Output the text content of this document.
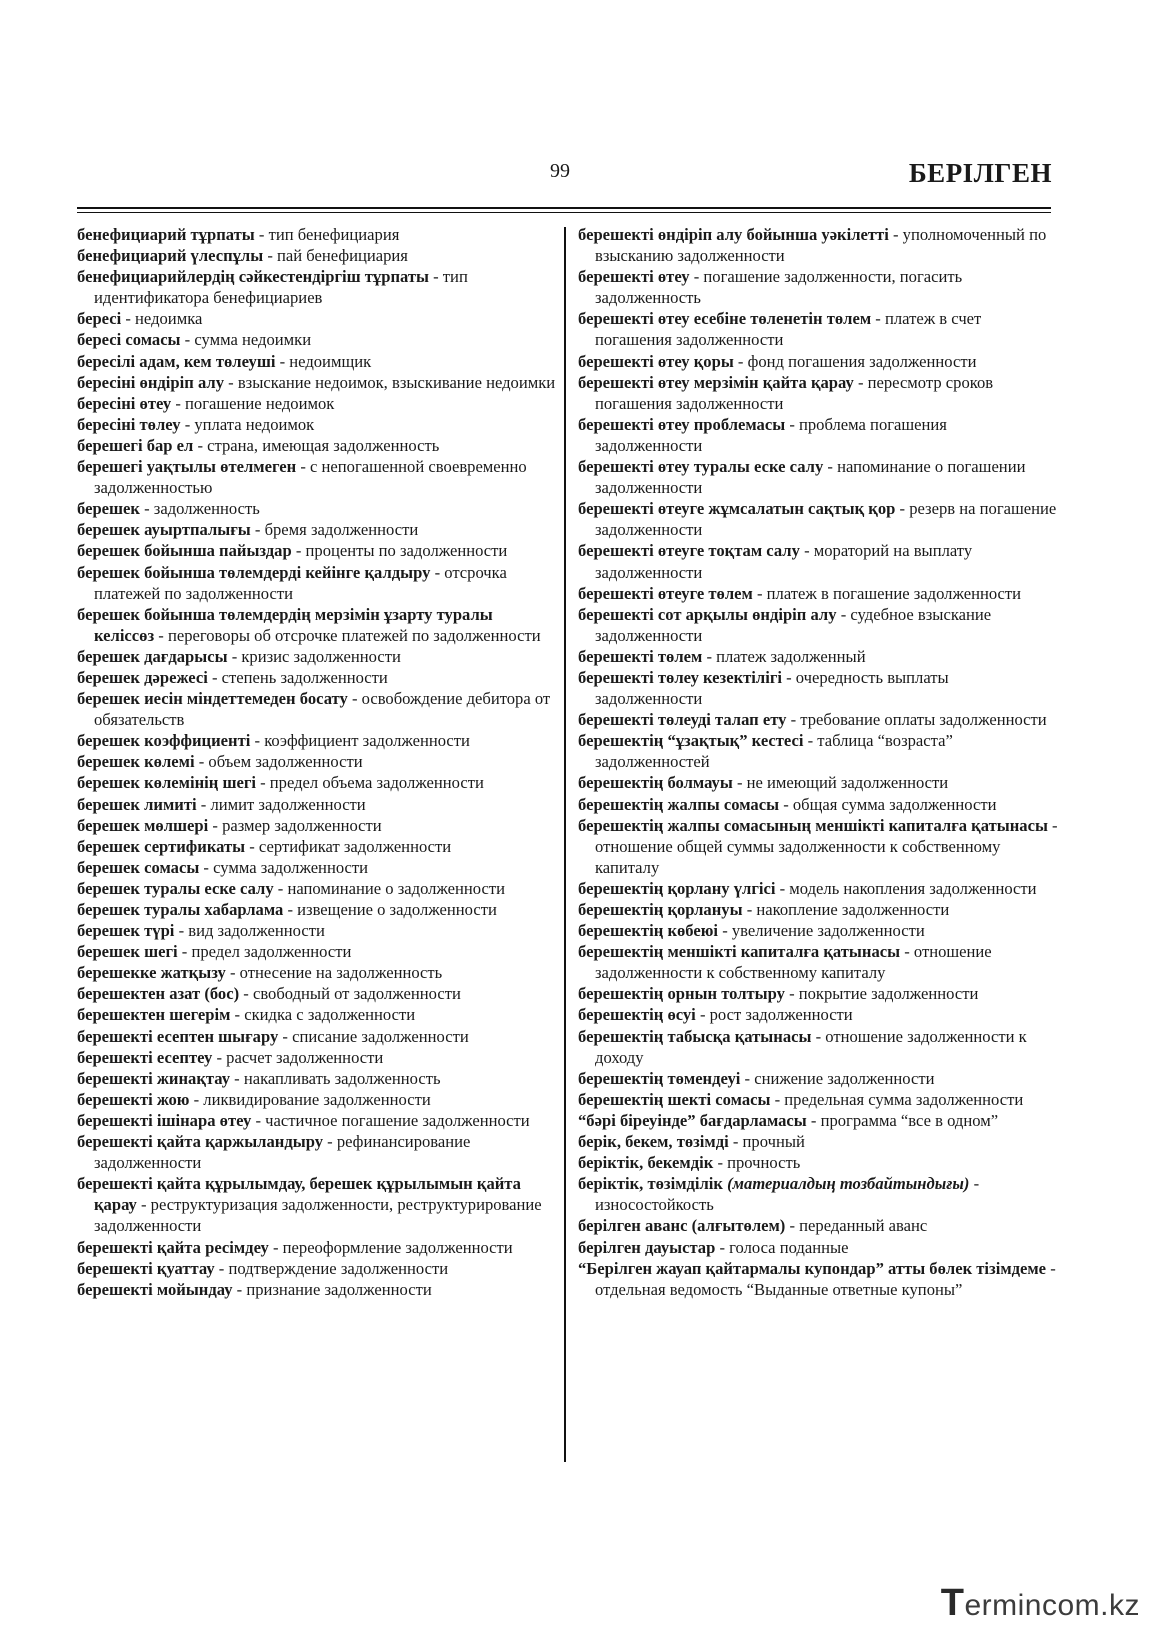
99	БЕРІЛГЕН

бенефициарий тұрпаты - тип бенефициария

бенефициарий үлеспұлы - пай бенефициария

бенефициарийлердің сәйкестендіргіш тұрпаты - тип идентификатора бенефициариев

бересі - недоимка

бересі сомасы - сумма недоимки

бересілі адам, кем төлеуші - недоимщик

бересіні өндіріп алу - взыскание недоимок, взыскивание недоимки

бересіні өтеу - погашение недоимок

бересіні төлеу - уплата недоимок

берешегі бар ел - страна, имеющая задолженность

берешегі уақтылы өтелмеген - с непогашенной своевременно задолженностью

берешек - задолженность

берешек ауыртпалығы - бремя задолженности

берешек бойынша пайыздар - проценты по задолженности

берешек бойынша төлемдерді кейінге қалдыру - отсрочка платежей по задолженности

берешек бойынша төлемдердің мерзімін ұзарту туралы келіссөз - переговоры об отсрочке платежей по задолженности

берешек дағдарысы - кризис задолженности

берешек дәрежесі - степень задолженности

берешек иесін міндеттемеден босату - освобождение дебитора от обязательств

берешек коэффициенті - коэффициент задолженности

берешек көлемі - объем задолженности

берешек көлемінің шегі - предел объема задолженности

берешек лимиті - лимит задолженности

берешек мөлшері - размер задолженности

берешек сертификаты - сертификат задолженности

берешек сомасы - сумма задолженности

берешек туралы еске салу - напоминание о задолженности

берешек туралы хабарлама - извещение о задолженности

берешек түрі - вид задолженности

берешек шегі - предел задолженности

берешекке жатқызу - отнесение на задолженность

берешектен азат (бос) - свободный от задолженности

берешектен шегерім - скидка с задолженности

берешекті есептен шығару - списание задолженности

берешекті есептеу - расчет задолженности

берешекті жинақтау - накапливать задолженность

берешекті жою - ликвидирование задолженности

берешекті ішінара өтеу - частичное погашение задолженности

берешекті қайта қаржыландыру - рефинансирование задолженности

берешекті қайта құрылымдау, берешек құрылымын қайта қарау - реструктуризация задолженности, реструктурирование задолженности

берешекті қайта ресімдеу - переоформление задолженности

берешекті қуаттау - подтверждение задолженности

берешекті мойындау - признание задолженности

берешекті өндіріп алу бойынша уәкілетті - уполномоченный по взысканию задолженности

берешекті өтеу - погашение задолженности, погасить задолженность

берешекті өтеу есебіне төленетін төлем - платеж в счет погашения задолженности

берешекті өтеу қоры - фонд погашения задолженности

берешекті өтеу мерзімін қайта қарау - пересмотр сроков погашения задолженности

берешекті өтеу проблемасы - проблема погашения задолженности

берешекті өтеу туралы еске салу - напоминание о погашении задолженности

берешекті өтеуге жұмсалатын сақтық қор - резерв на погашение задолженности

берешекті өтеуге тоқтам салу - мораторий на выплату задолженности

берешекті өтеуге төлем - платеж в погашение задолженности

берешекті сот арқылы өндіріп алу - судебное взыскание задолженности

берешекті төлем - платеж задолженный

берешекті төлеу кезектілігі - очередность выплаты задолженности

берешекті төлеуді талап ету - требование оплаты задолженности

берешектің “ұзақтық” кестесі - таблица “возраста” задолженностей

берешектің болмауы - не имеющий задолженности

берешектің жалпы сомасы - общая сумма задолженности

берешектің жалпы сомасының меншікті капиталға қатынасы - отношение общей суммы задолженности к собственному капиталу

берешектің қорлану үлгісі - модель накопления задолженности

берешектің қорлануы - накопление задолженности

берешектің көбеюі - увеличение задолженности

берешектің меншікті капиталға қатынасы - отношение задолженности к собственному капиталу

берешектің орнын толтыру - покрытие задолженности

берешектің өсуі - рост задолженности

берешектің табысқа қатынасы - отношение задолженности к доходу

берешектің төмендеуі - снижение задолженности

берешектің шекті сомасы - предельная сумма задолженности

“бәрі біреуінде” бағдарламасы - программа “все в одном”

берік, бекем, төзімді - прочный

беріктік, бекемдік - прочность

беріктік, төзімділік (материалдың тозбайтындығы) - износостойкость

берілген аванс (алғытөлем) - переданный аванс

берілген дауыстар - голоса поданные

“Берілген жауап қайтармалы купондар” атты бөлек тізімдеме - отдельная ведомость “Выданные ответные купоны”

Termincom.kz
